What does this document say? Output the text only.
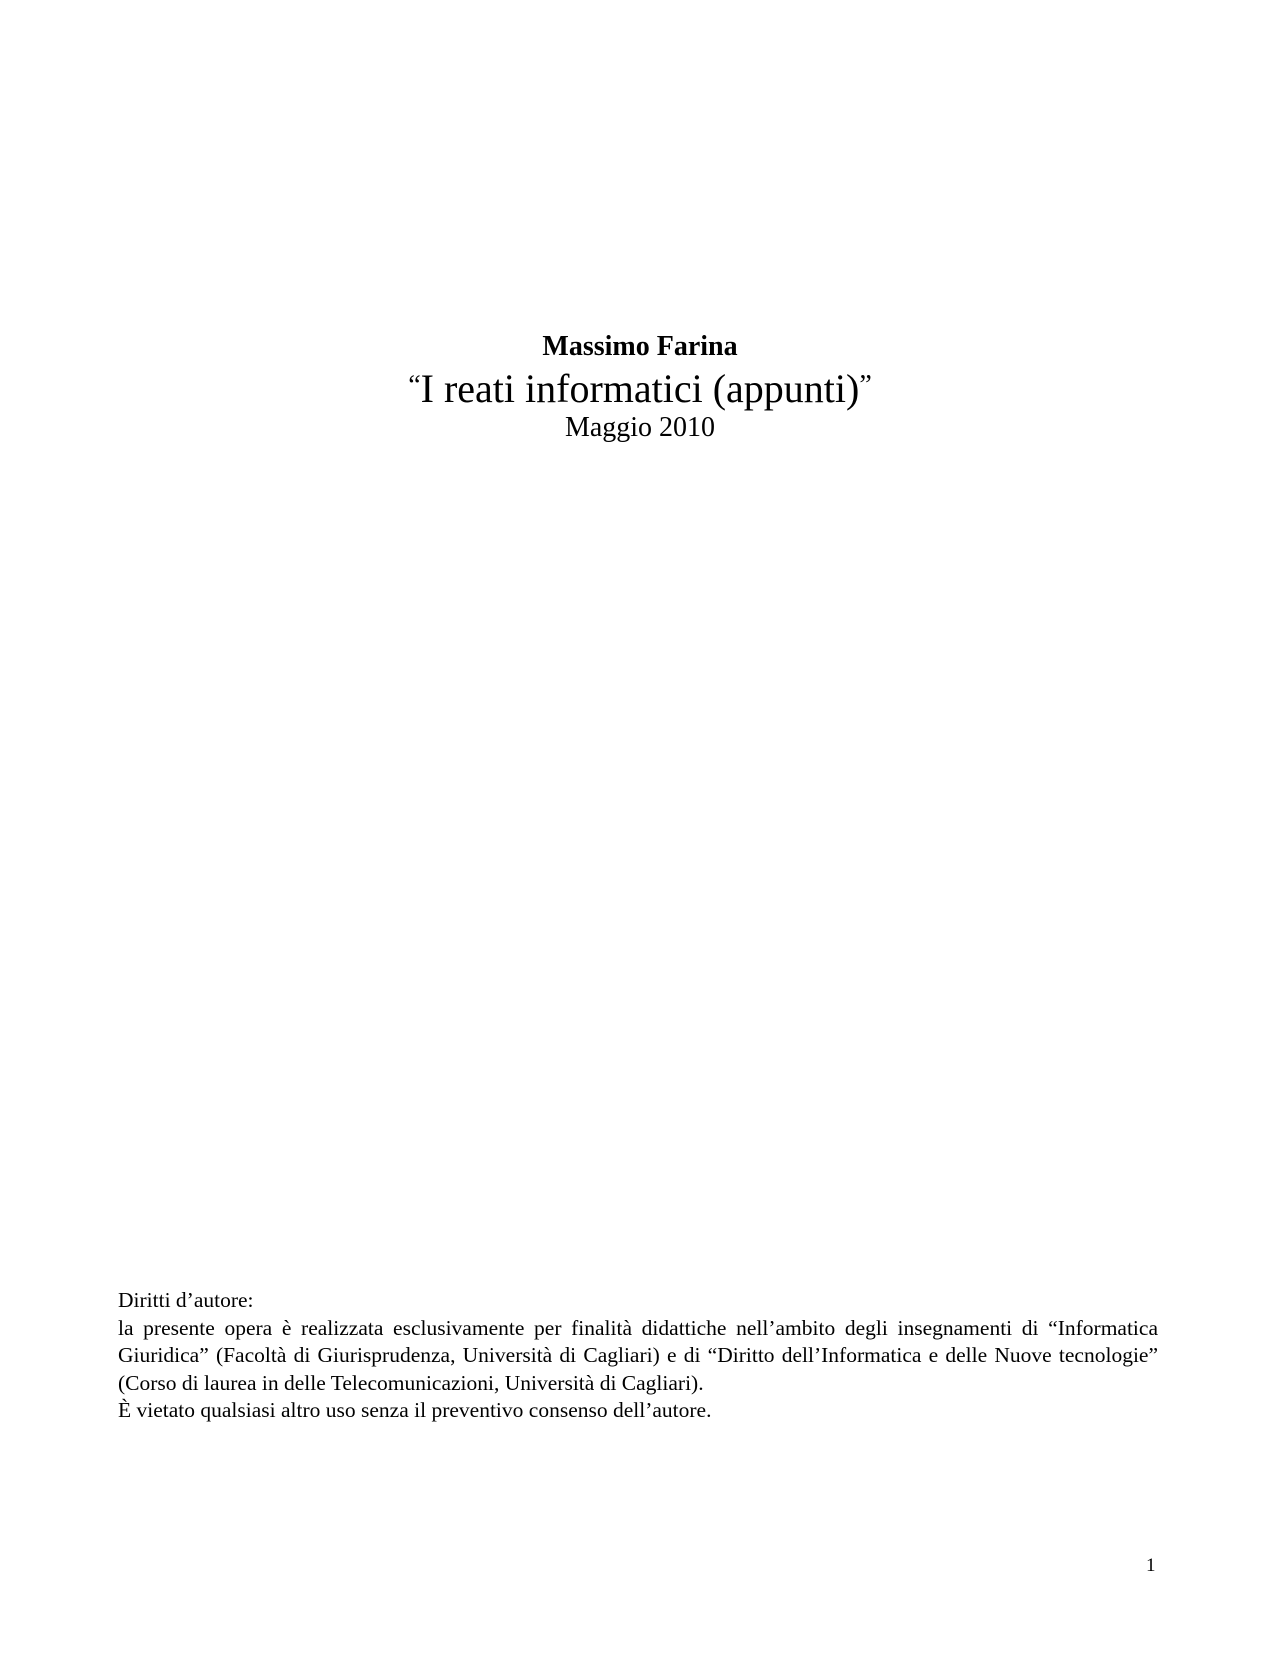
Massimo Farina
“I reati informatici (appunti)”
Maggio 2010
Diritti d’autore:
la presente opera è realizzata esclusivamente per finalità didattiche nell’ambito degli insegnamenti di “Informatica Giuridica” (Facoltà di Giurisprudenza, Università di Cagliari) e di “Diritto dell’Informatica e delle Nuove tecnologie” (Corso di laurea in delle Telecomunicazioni, Università di Cagliari).
È vietato qualsiasi altro uso senza il preventivo consenso dell’autore.
1
